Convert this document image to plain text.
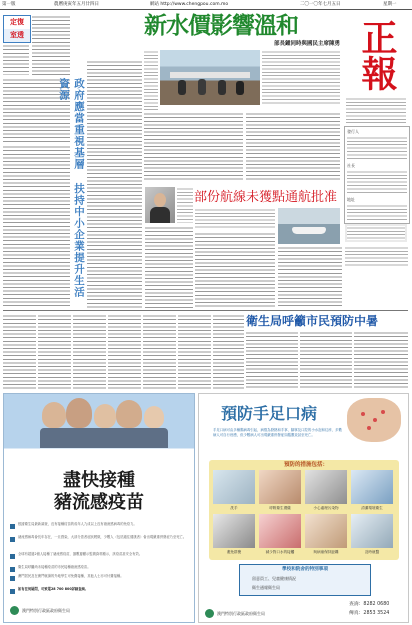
第一版	農曆庚寅年五月廿四日	網站 http://www.chengpou.com.mo	二〇一〇年七月五日	星期一
定復
室透
政府應當重視基層 扶持中小企業提升生活資源
新水價影響溫和
部長鍾同時與國民主席陳勇 正報
發行人
社長
地址
部份航線未獲點通航批准
衛生局呼籲市民預防中暑
盡快接種
豬流感疫苗
根據衛生局最新調查，沒有接種疫苗的成年人九成以上沒有豬流感病毒的免疫力。
豬流感病毒會長年存在，一旦感染，大部分患者症狀輕微，少數人（包括過往健康者）會出現嚴重併發症乃至死亡。
全球有超過2億人接種了豬流感疫苗，據數據顯示監測資料顯示，該疫苗甚安全有效。
衛生局呼籲尚未接種疫苗的市民接種豬流感疫苗。
澳門居民及在澳門就讀的外地學生可免費接種，其他人士亦可付費接種。
如有任何疑問，可致電28 700 800詳細查詢。
澳門特別行政區政府衛生局
預防手足口病
手足口病可由多種腸病毒引起，病徵為發熱和手掌、腳掌及口腔的小水泡和紅疹，多數病人可自行痊癒，但少數病人可出現嚴重併發症如腦膜炎甚至死亡。
預防的措施包括：
洗手	呼吸衛生禮儀	小心處理污染物	清潔環境衛生
避免群聚	減少對口水的接觸	與病童保持距離	及時就醫
學校和院舍的特別事項
留意員工、兒童健康情況
衛生通報衛生局
澳門特別行政區政府衛生局
查詢：8282 0680
傳真：2853 3524
